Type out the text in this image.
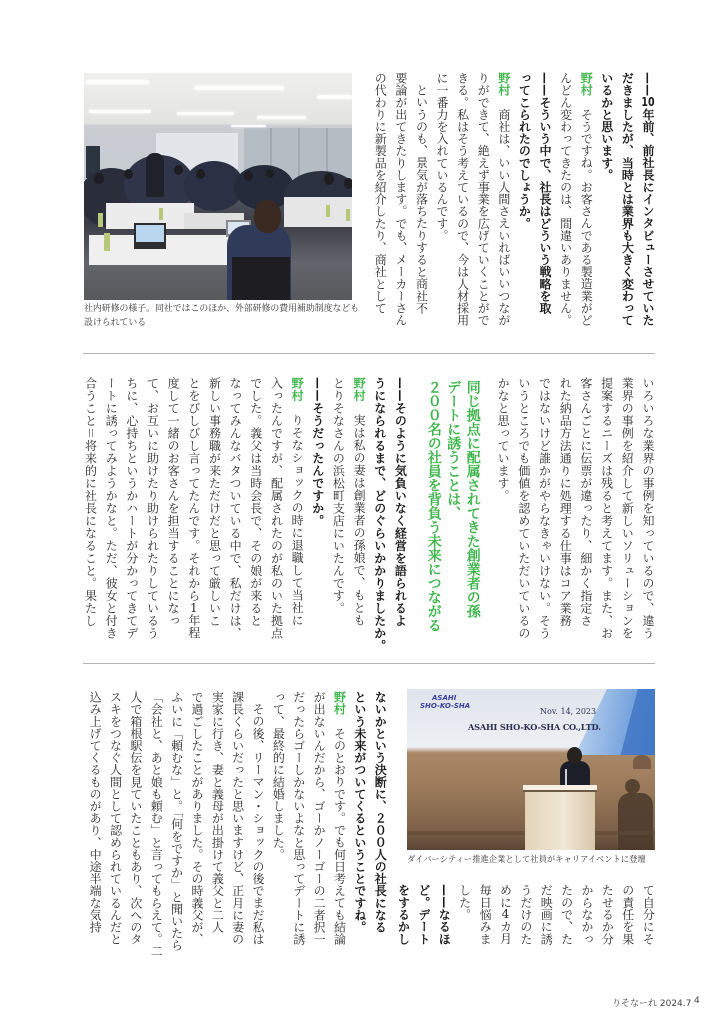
社内研修の様子。同社ではこのほか、外部研修の費用補助制度なども設けられている
——10年前、前社長にインタビューさせていた
だきましたが、当時とは業界も大きく変わって
いるかと思います。
野村そうですね。お客さんである製造業がど
んどん変わってきたのは、間違いありません。
——そういう中で、社長はどういう戦略を取
ってこられたのでしょうか。
野村商社は、いい人間さえいればいいつなが
りができて、絶えず事業を広げていくことがで
きる。私はそう考えているので、今は人材採用
に一番力を入れているんです。
というのも、景気が落ちたりすると商社不
要論が出てきたりします。でも、メーカーさん
の代わりに新製品を紹介したり、商社として
いろいろな業界の事例を知っているので、違う
業界の事例を紹介して新しいソリューションを
提案するニーズは残ると考えてます。また、お
客さんごとに伝票が違ったり、細かく指定さ
れた納品方法通りに処理する仕事はコア業務
ではないけど誰かがやらなきゃいけない。そう
いうところでも価値を認めていただいているの
かなと思っています。
同じ拠点に配属されてきた創業者の孫
デートに誘うことは、
２００名の社員を背負う未来につながる
——そのように気負いなく経営を語られるよ
うになられるまで、どのぐらいかかりましたか。
野村実は私の妻は創業者の孫娘で、もとも
とりそなさんの浜松町支店にいたんです。
——そうだったんですか。
野村りそなショックの時に退職して当社に
入ったんですが、配属されたのが私のいた拠点
でした。義父は当時会長で、その娘が来ると
なってみんなバタついている中で、私だけは、
新しい事務職が来ただけだと思って厳しいこ
とをびしびし言ってたんです。それから1年程
度して一緒のお客さんを担当することになっ
て、お互いに助けたり助けられたりしているう
ちに、心持ちというかハートが分かってきてデ
ートに誘ってみようかなと。ただ、彼女と付き
合うこと＝将来的に社長になること。果たし
ASAHI
SHO-KO-SHA
Nov. 14, 2023
ASAHI SHO-KO-SHA CO.,LTD.
ダイバーシティー推進企業として社員がキャリアイベントに登壇
て自分にそ
の責任を果
たせるか分
からなかっ
たので、た
だ映画に誘
うだけのた
めに4カ月
毎日悩みま
した。
——なるほ
ど。デート
をするかし
ないかという決断に、２００人の社長になる
という未来がついてくるということですね。
野村そのとおりです。でも何日考えても結論
が出ないんだから、ゴーかノーゴーの二者択一
だったらゴーしかないよなと思ってデートに誘
って、最終的に結婚しました。
その後、リーマン・ショックの後でまだ私は
課長くらいだったと思いますけど、正月に妻の
実家に行き、妻と義母が出掛けて義父と二人
で過ごしたことがありました。その時義父が、
ふいに「頼むな」と。「何をですか」と聞いたら
「会社と、あと娘も頼む」と言ってもらえて。二
人で箱根駅伝を見ていたこともあり、次へのタ
スキをつなぐ人間として認められているんだと
込み上げてくるものがあり、中途半端な気持
りそなーれ 2024.7 4
